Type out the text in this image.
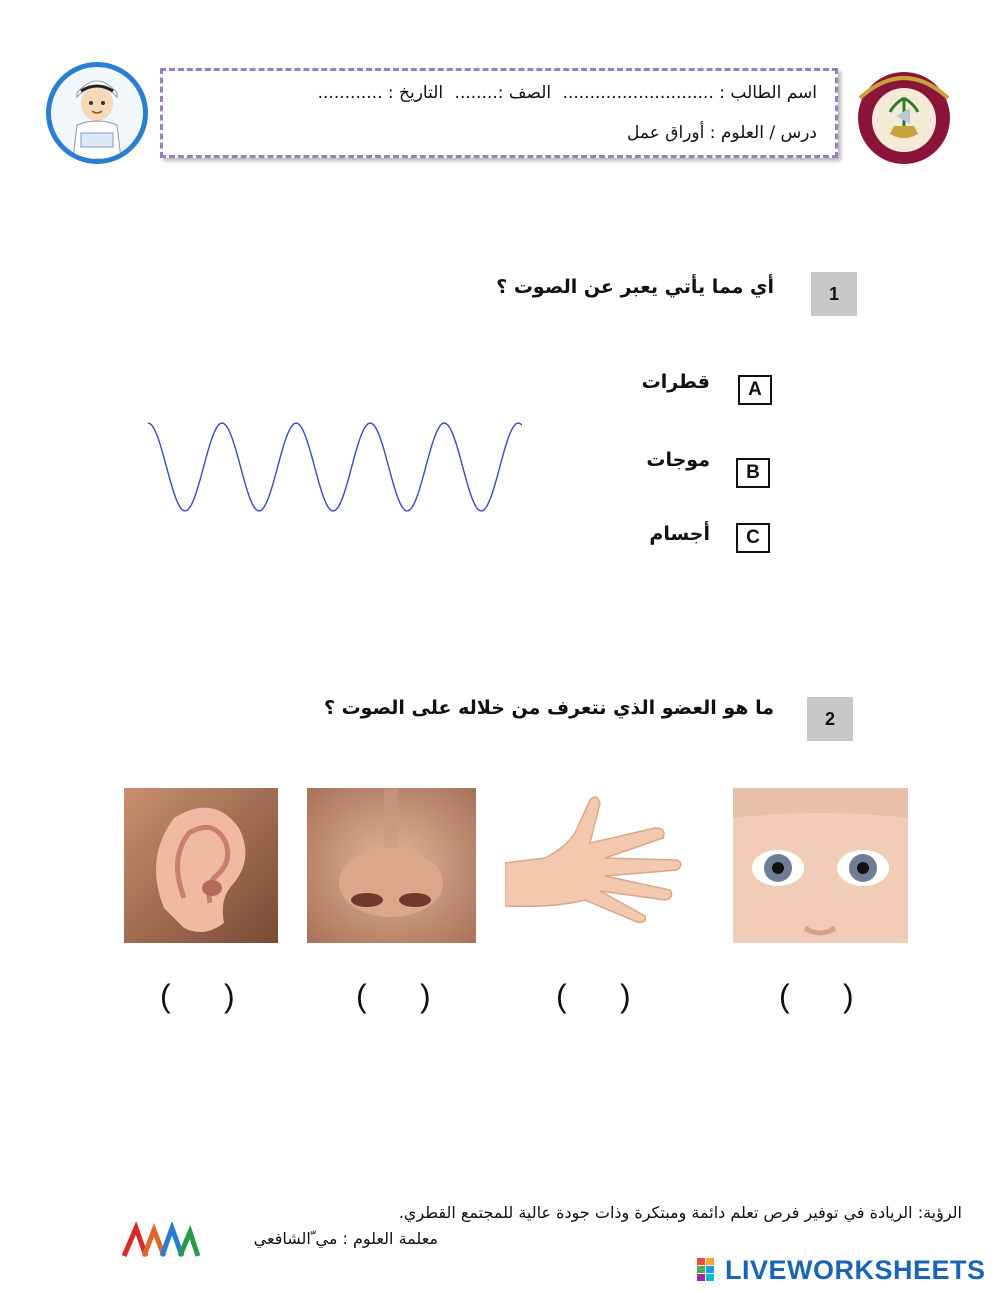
اسم الطالب : ............................ الصف :........ التاريخ : ............
درس / العلوم : أوراق عمل
1
أي مما يأتي يعبر عن الصوت ؟
A
قطرات
B
موجات
C
أجسام
2
ما هو العضو الذي نتعرف من خلاله على الصوت ؟
(      )	(      )	(      )	(      )
الرؤية: الريادة في توفير فرص تعلم دائمة ومبتكرة وذات جودة عالية للمجتمع القطري.
معلمة العلوم : مي ّالشافعي
LIVEWORKSHEETS
